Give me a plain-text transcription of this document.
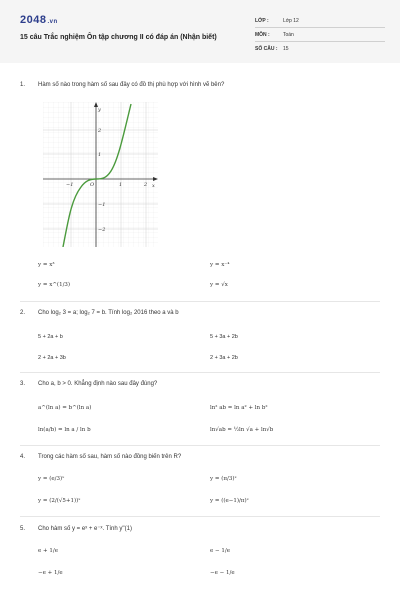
2048.vn
15 câu Trắc nghiệm Ôn tập chương II có đáp án (Nhận biết)
LỚP :	Lớp 12
MÔN :	Toán
SỐ CÂU : 15
1. Hàm số nào trong hàm số sau đây có đồ thị phù hợp với hình vẽ bên?
y
x
−1	O	1	2
2
1
−1
−2
y = x³	y = x⁻⁴
y = x^(1/3)	y = √x
2. Cho log₂ 3 = a; log₂ 7 = b. Tính log₂ 2016 theo a và b
5 + 2a + b	5 + 3a + 2b
2 + 2a + 3b	2 + 3a + 2b
3. Cho a, b > 0. Khẳng định nào sau đây đúng?
a^(ln a) = b^(ln a)	ln² ab = ln a² + ln b²
ln(a/b) = ln a / ln b	ln√ab = ½ln √a + ln√b
4. Trong các hàm số sau, hàm số nào đồng biến trên R?
y = (e/3)ˣ	y = (π/3)ˣ
y = (2/(√5+1))ˣ	y = ((e−1)/π)ˣ
5. Cho hàm số y = eˣ + e⁻ˣ. Tính y''(1)
e + 1/e	e − 1/e
−e + 1/e	−e − 1/e
